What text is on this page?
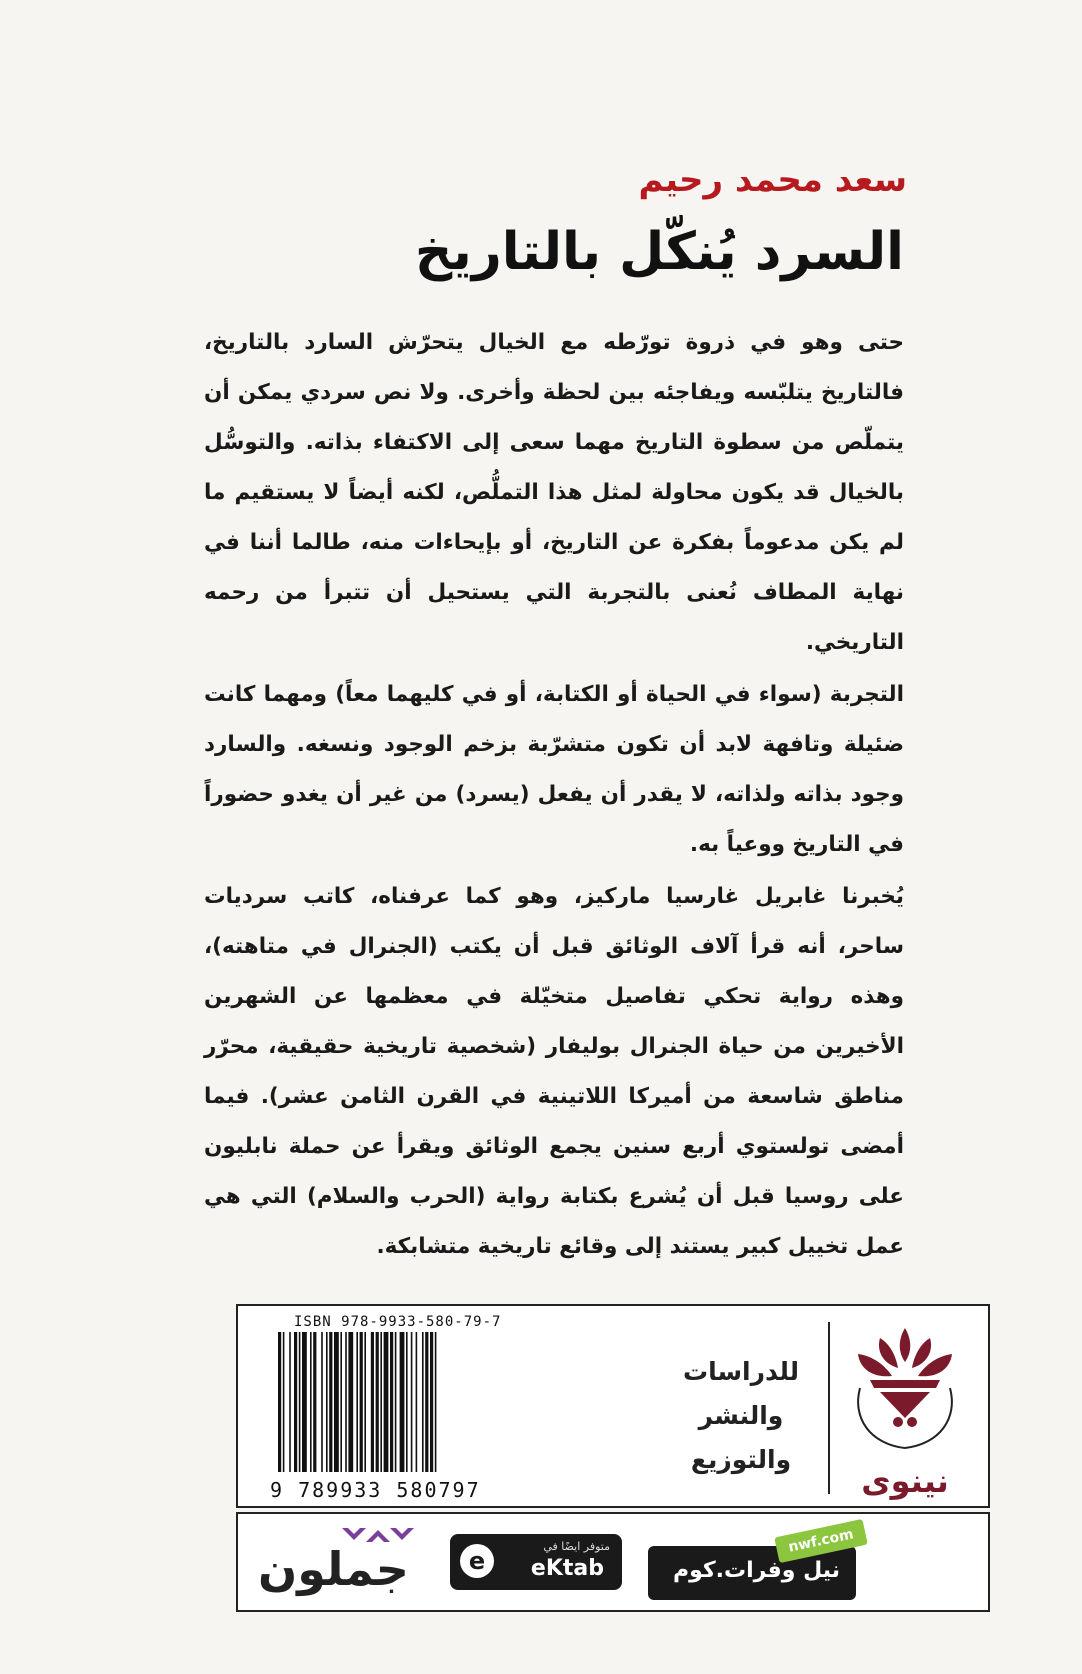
سعد محمد رحيم
السرد يُنكّل بالتاريخ

حتى وهو في ذروة تورّطه مع الخيال يتحرّش السارد بالتاريخ، فالتاريخ يتلبّسه ويفاجئه بين لحظة وأخرى. ولا نص سردي يمكن أن يتملّص من سطوة التاريخ مهما سعى إلى الاكتفاء بذاته. والتوسُّل بالخيال قد يكون محاولة لمثل هذا التملُّص، لكنه أيضاً لا يستقيم ما لم يكن مدعوماً بفكرة عن التاريخ، أو بإيحاءات منه، طالما أننا في نهاية المطاف نُعنى بالتجربة التي يستحيل أن تتبرأ من رحمه التاريخي.

التجربة (سواء في الحياة أو الكتابة، أو في كليهما معاً) ومهما كانت ضئيلة وتافهة لابد أن تكون متشرّبة بزخم الوجود ونسغه. والسارد وجود بذاته ولذاته، لا يقدر أن يفعل (يسرد) من غير أن يغدو حضوراً في التاريخ ووعياً به.

يُخبرنا غابريل غارسيا ماركيز، وهو كما عرفناه، كاتب سرديات ساحر، أنه قرأ آلاف الوثائق قبل أن يكتب (الجنرال في متاهته)، وهذه رواية تحكي تفاصيل متخيّلة في معظمها عن الشهرين الأخيرين من حياة الجنرال بوليفار (شخصية تاريخية حقيقية، محرّر مناطق شاسعة من أميركا اللاتينية في القرن الثامن عشر). فيما أمضى تولستوي أربع سنين يجمع الوثائق ويقرأ عن حملة نابليون على روسيا قبل أن يُشرع بكتابة رواية (الحرب والسلام) التي هي عمل تخييل كبير يستند إلى وقائع تاريخية متشابكة.

نينوى
للدراسات
والنشر
والتوزيع
ISBN 978-9933-580-79-7
9 789933 580797
جملون	e
متوفر ايضًا في
eKtab	نيل وفرات.كوم
nwf.com
